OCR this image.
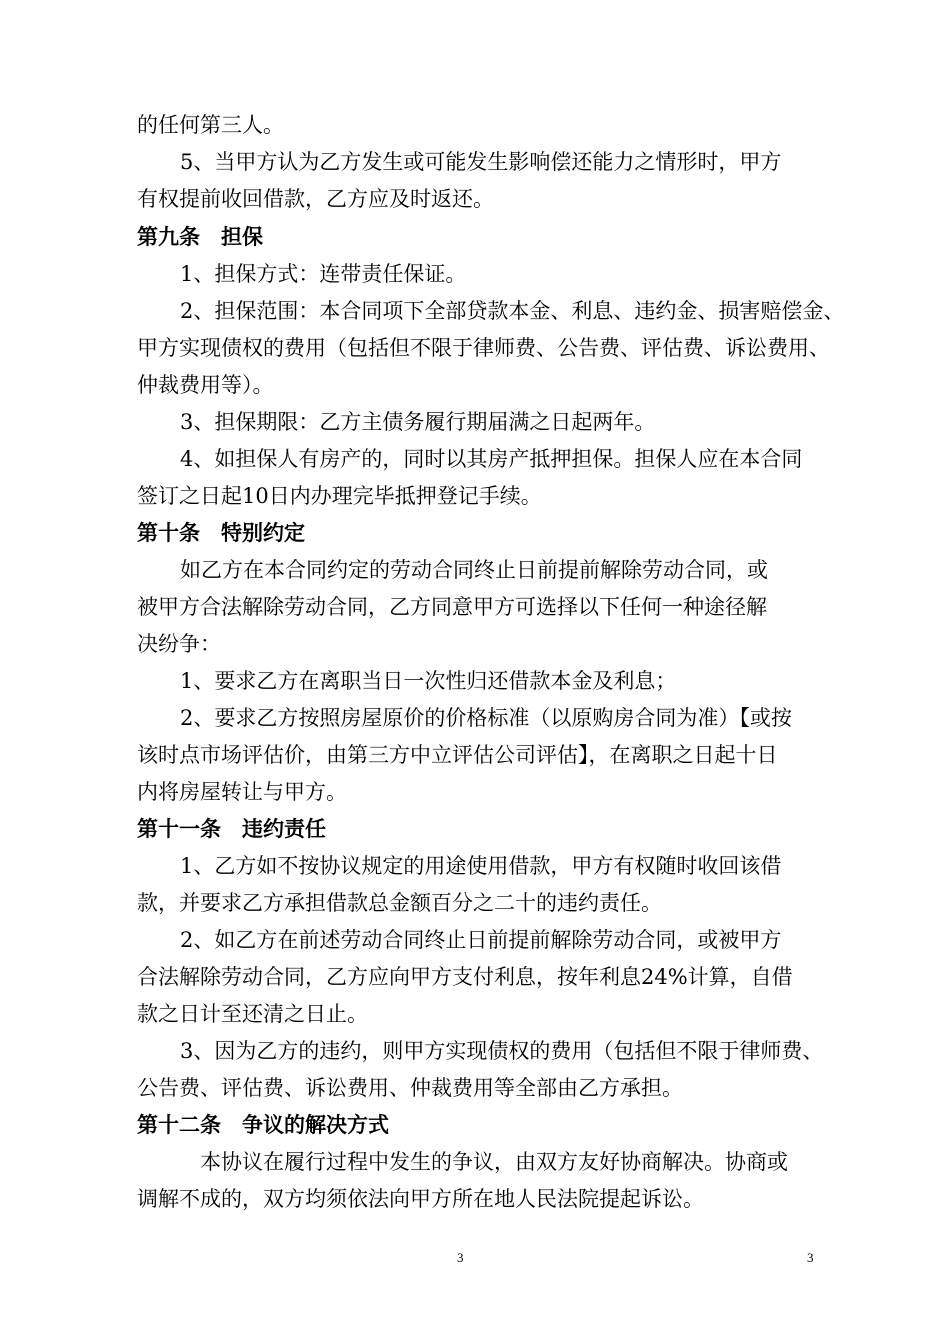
的任何第三人。
5、当甲方认为乙方发生或可能发生影响偿还能力之情形时，甲方
有权提前收回借款，乙方应及时返还。
第九条　担保
1、担保方式：连带责任保证。
2、担保范围：本合同项下全部贷款本金、利息、违约金、损害赔偿金、
甲方实现债权的费用（包括但不限于律师费、公告费、评估费、诉讼费用、
仲裁费用等）。
3、担保期限：乙方主债务履行期届满之日起两年。
4、如担保人有房产的，同时以其房产抵押担保。担保人应在本合同
签订之日起10日内办理完毕抵押登记手续。
第十条　特别约定
如乙方在本合同约定的劳动合同终止日前提前解除劳动合同，或
被甲方合法解除劳动合同，乙方同意甲方可选择以下任何一种途径解
决纷争：
1、要求乙方在离职当日一次性归还借款本金及利息；
2、要求乙方按照房屋原价的价格标准（以原购房合同为准）【或按
该时点市场评估价，由第三方中立评估公司评估】，在离职之日起十日
内将房屋转让与甲方。
第十一条　违约责任
1、乙方如不按协议规定的用途使用借款，甲方有权随时收回该借
款，并要求乙方承担借款总金额百分之二十的违约责任。
2、如乙方在前述劳动合同终止日前提前解除劳动合同，或被甲方
合法解除劳动合同，乙方应向甲方支付利息，按年利息24%计算，自借
款之日计至还清之日止。
3、因为乙方的违约，则甲方实现债权的费用（包括但不限于律师费、
公告费、评估费、诉讼费用、仲裁费用等全部由乙方承担。
第十二条　争议的解决方式
本协议在履行过程中发生的争议，由双方友好协商解决。协商或
调解不成的，双方均须依法向甲方所在地人民法院提起诉讼。
3	3
